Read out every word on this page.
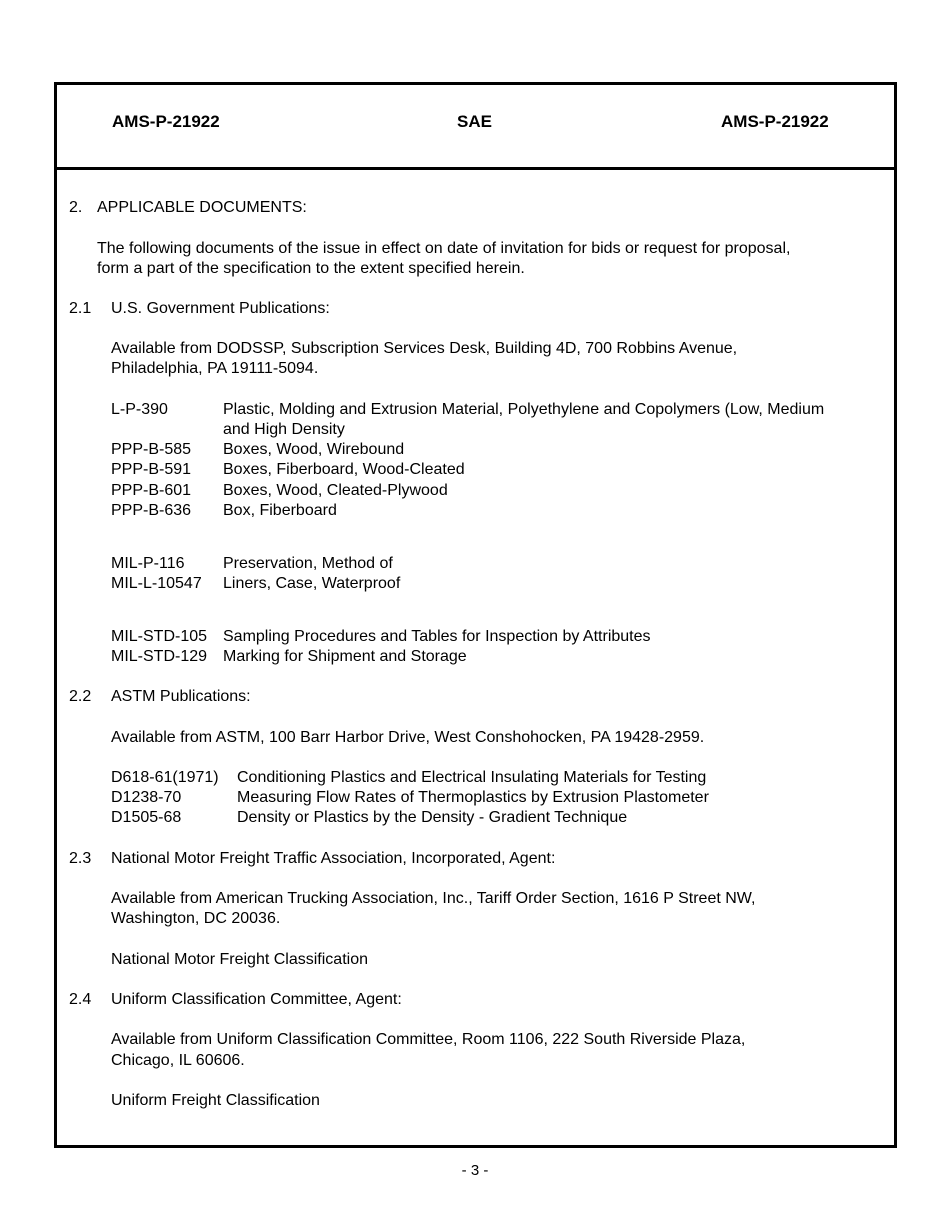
AMS-P-21922	SAE	AMS-P-21922
2. APPLICABLE DOCUMENTS:
The following documents of the issue in effect on date of invitation for bids or request for proposal,
form a part of the specification to the extent specified herein.
2.1 U.S. Government Publications:
Available from DODSSP, Subscription Services Desk, Building 4D, 700 Robbins Avenue,
Philadelphia, PA 19111-5094.
L-P-390	Plastic, Molding and Extrusion Material, Polyethylene and Copolymers (Low, Medium
and High Density
PPP-B-585 Boxes, Wood, Wirebound
PPP-B-591 Boxes, Fiberboard, Wood-Cleated
PPP-B-601 Boxes, Wood, Cleated-Plywood
PPP-B-636 Box, Fiberboard
MIL-P-116 Preservation, Method of
MIL-L-10547 Liners, Case, Waterproof
MIL-STD-105 Sampling Procedures and Tables for Inspection by Attributes
MIL-STD-129 Marking for Shipment and Storage
2.2 ASTM Publications:
Available from ASTM, 100 Barr Harbor Drive, West Conshohocken, PA 19428-2959.
D618-61(1971) Conditioning Plastics and Electrical Insulating Materials for Testing
D1238-70	Measuring Flow Rates of Thermoplastics by Extrusion Plastometer
D1505-68	Density or Plastics by the Density - Gradient Technique
2.3 National Motor Freight Traffic Association, Incorporated, Agent:
Available from American Trucking Association, Inc., Tariff Order Section, 1616 P Street NW,
Washington, DC 20036.
National Motor Freight Classification
2.4 Uniform Classification Committee, Agent:
Available from Uniform Classification Committee, Room 1106, 222 South Riverside Plaza,
Chicago, IL 60606.
Uniform Freight Classification
- 3 -
